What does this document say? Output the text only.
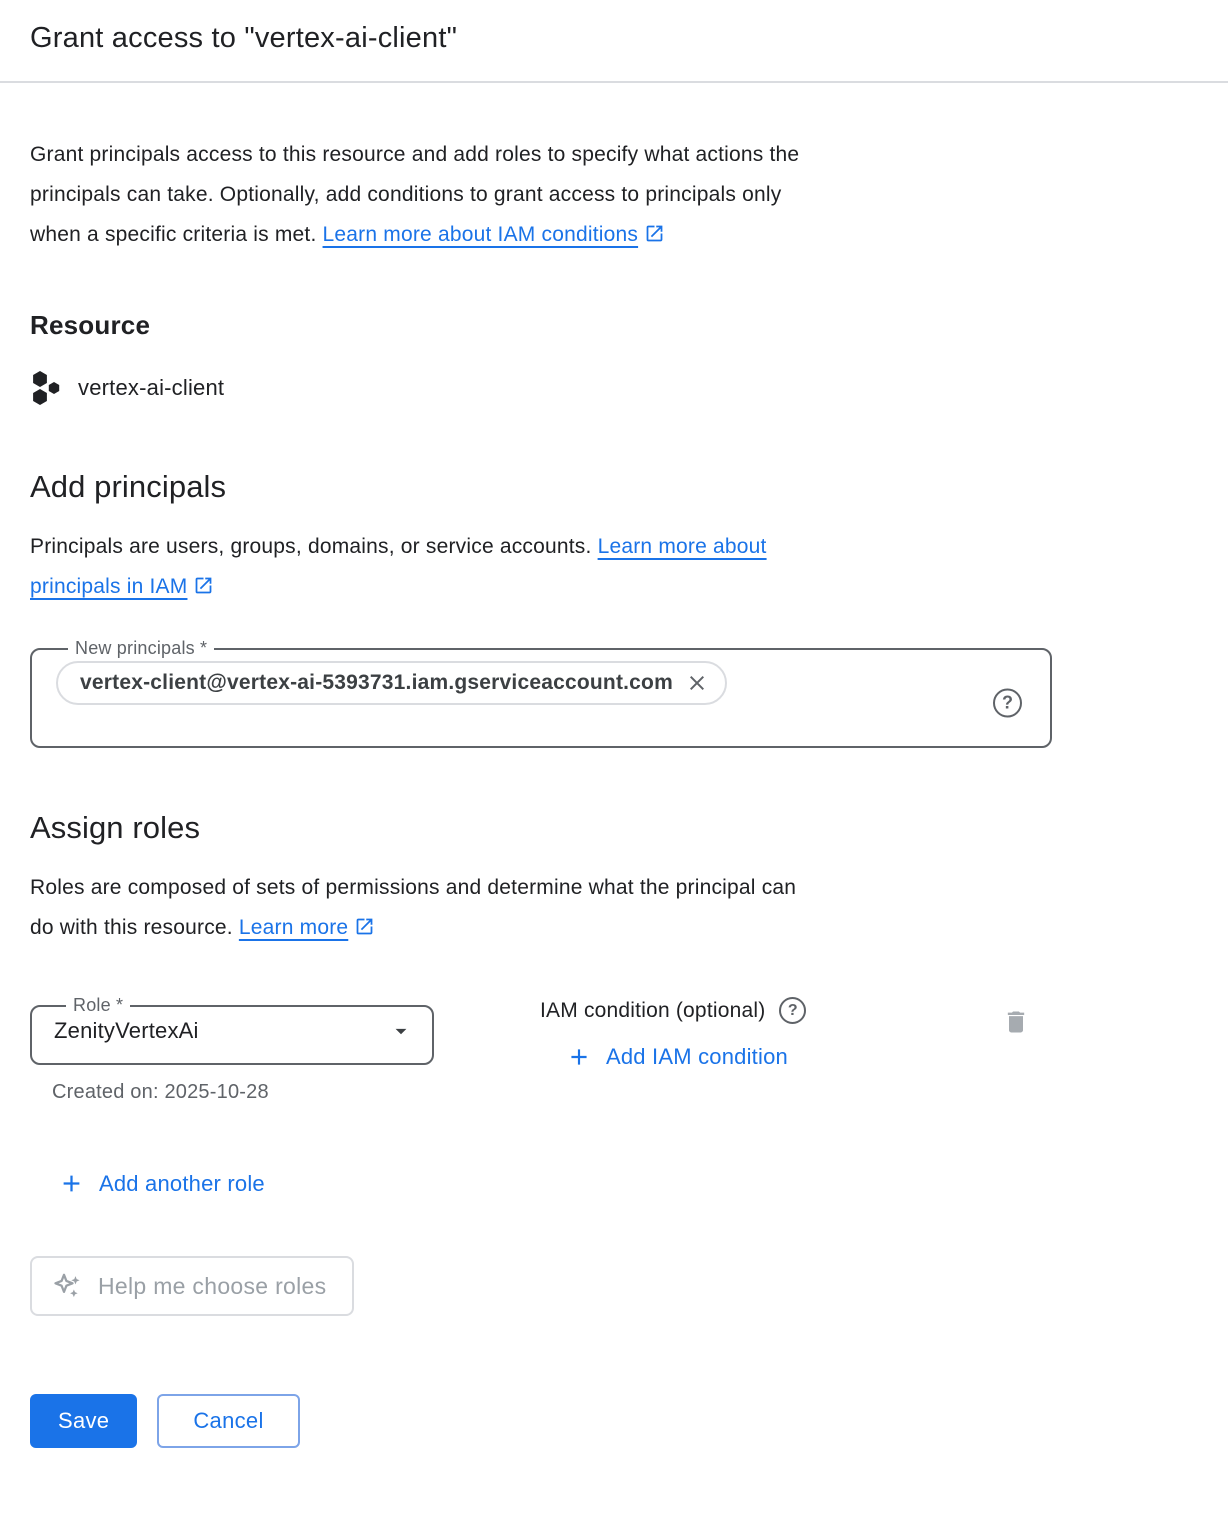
Grant access to "vertex-ai-client"
Grant principals access to this resource and add roles to specify what actions the
principals can take. Optionally, add conditions to grant access to principals only
when a specific criteria is met. Learn more about IAM conditions
Resource
vertex-ai-client
Add principals
Principals are users, groups, domains, or service accounts. Learn more about
principals in IAM
New principals *
vertex-client@vertex-ai-5393731.iam.gserviceaccount.com
?
Assign roles
Roles are composed of sets of permissions and determine what the principal can
do with this resource. Learn more
Role *
ZenityVertexAi
Created on: 2025-10-28
IAM condition (optional)	?
Add IAM condition
Add another role
Help me choose roles
Save	Cancel
